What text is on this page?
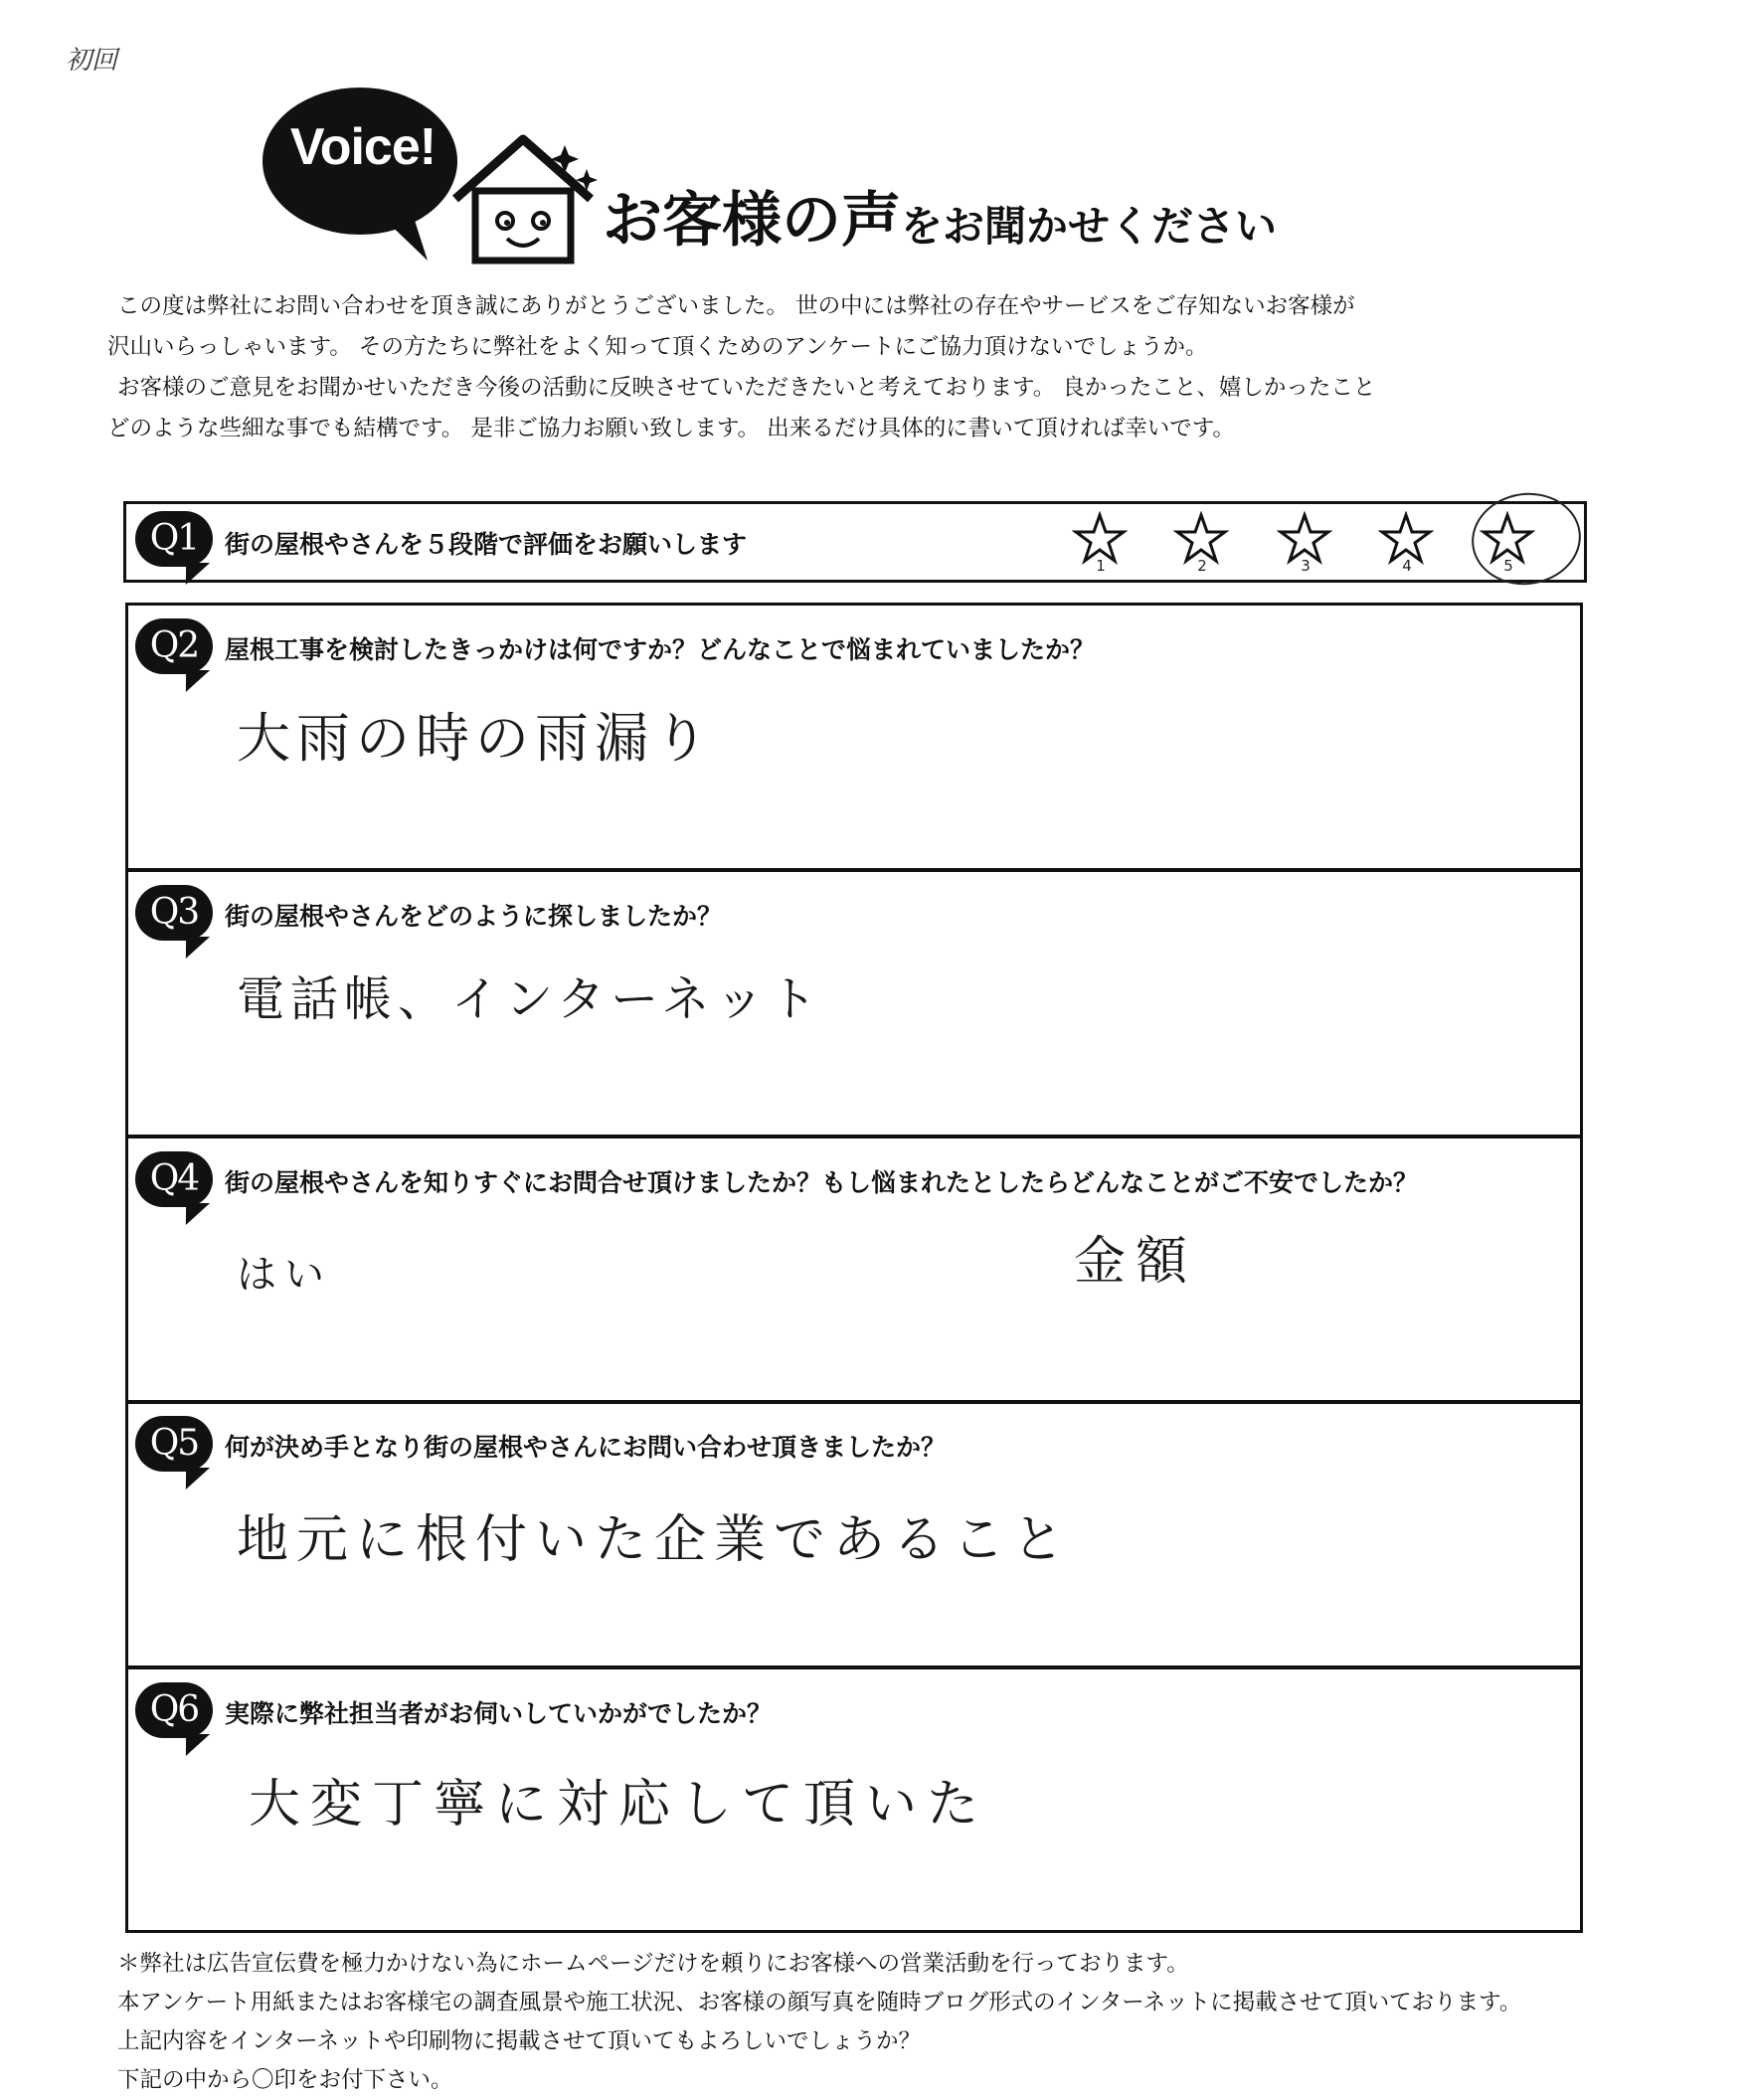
初回
Voice!
お客様の声をお聞かせください

この度は弊社にお問い合わせを頂き誠にありがとうございました。 世の中には弊社の存在やサービスをご存知ないお客様が

沢山いらっしゃいます。 その方たちに弊社をよく知って頂くためのアンケートにご協力頂けないでしょうか。

お客様のご意見をお聞かせいただき今後の活動に反映させていただきたいと考えております。 良かったこと、嬉しかったこと

どのような些細な事でも結構です。 是非ご協力お願い致します。 出来るだけ具体的に書いて頂ければ幸いです。

Q1	街の屋根やさんを５段階で評価をお願いします
1	2	3	4	5
Q2	屋根工事を検討したきっかけは何ですか？どんなことで悩まれていましたか？
大雨の時の雨漏り
Q3	街の屋根やさんをどのように探しましたか？
電話帳、インターネット
Q4	街の屋根やさんを知りすぐにお問合せ頂けましたか？もし悩まれたとしたらどんなことがご不安でしたか？
はい	金額
Q5	何が決め手となり街の屋根やさんにお問い合わせ頂きましたか？
地元に根付いた企業であること
Q6	実際に弊社担当者がお伺いしていかがでしたか？
大変丁寧に対応して頂いた

＊弊社は広告宣伝費を極力かけない為にホームページだけを頼りにお客様への営業活動を行っております。

本アンケート用紙またはお客様宅の調査風景や施工状況、お客様の顔写真を随時ブログ形式のインターネットに掲載させて頂いております。

上記内容をインターネットや印刷物に掲載させて頂いてもよろしいでしょうか？

下記の中から〇印をお付下さい。
